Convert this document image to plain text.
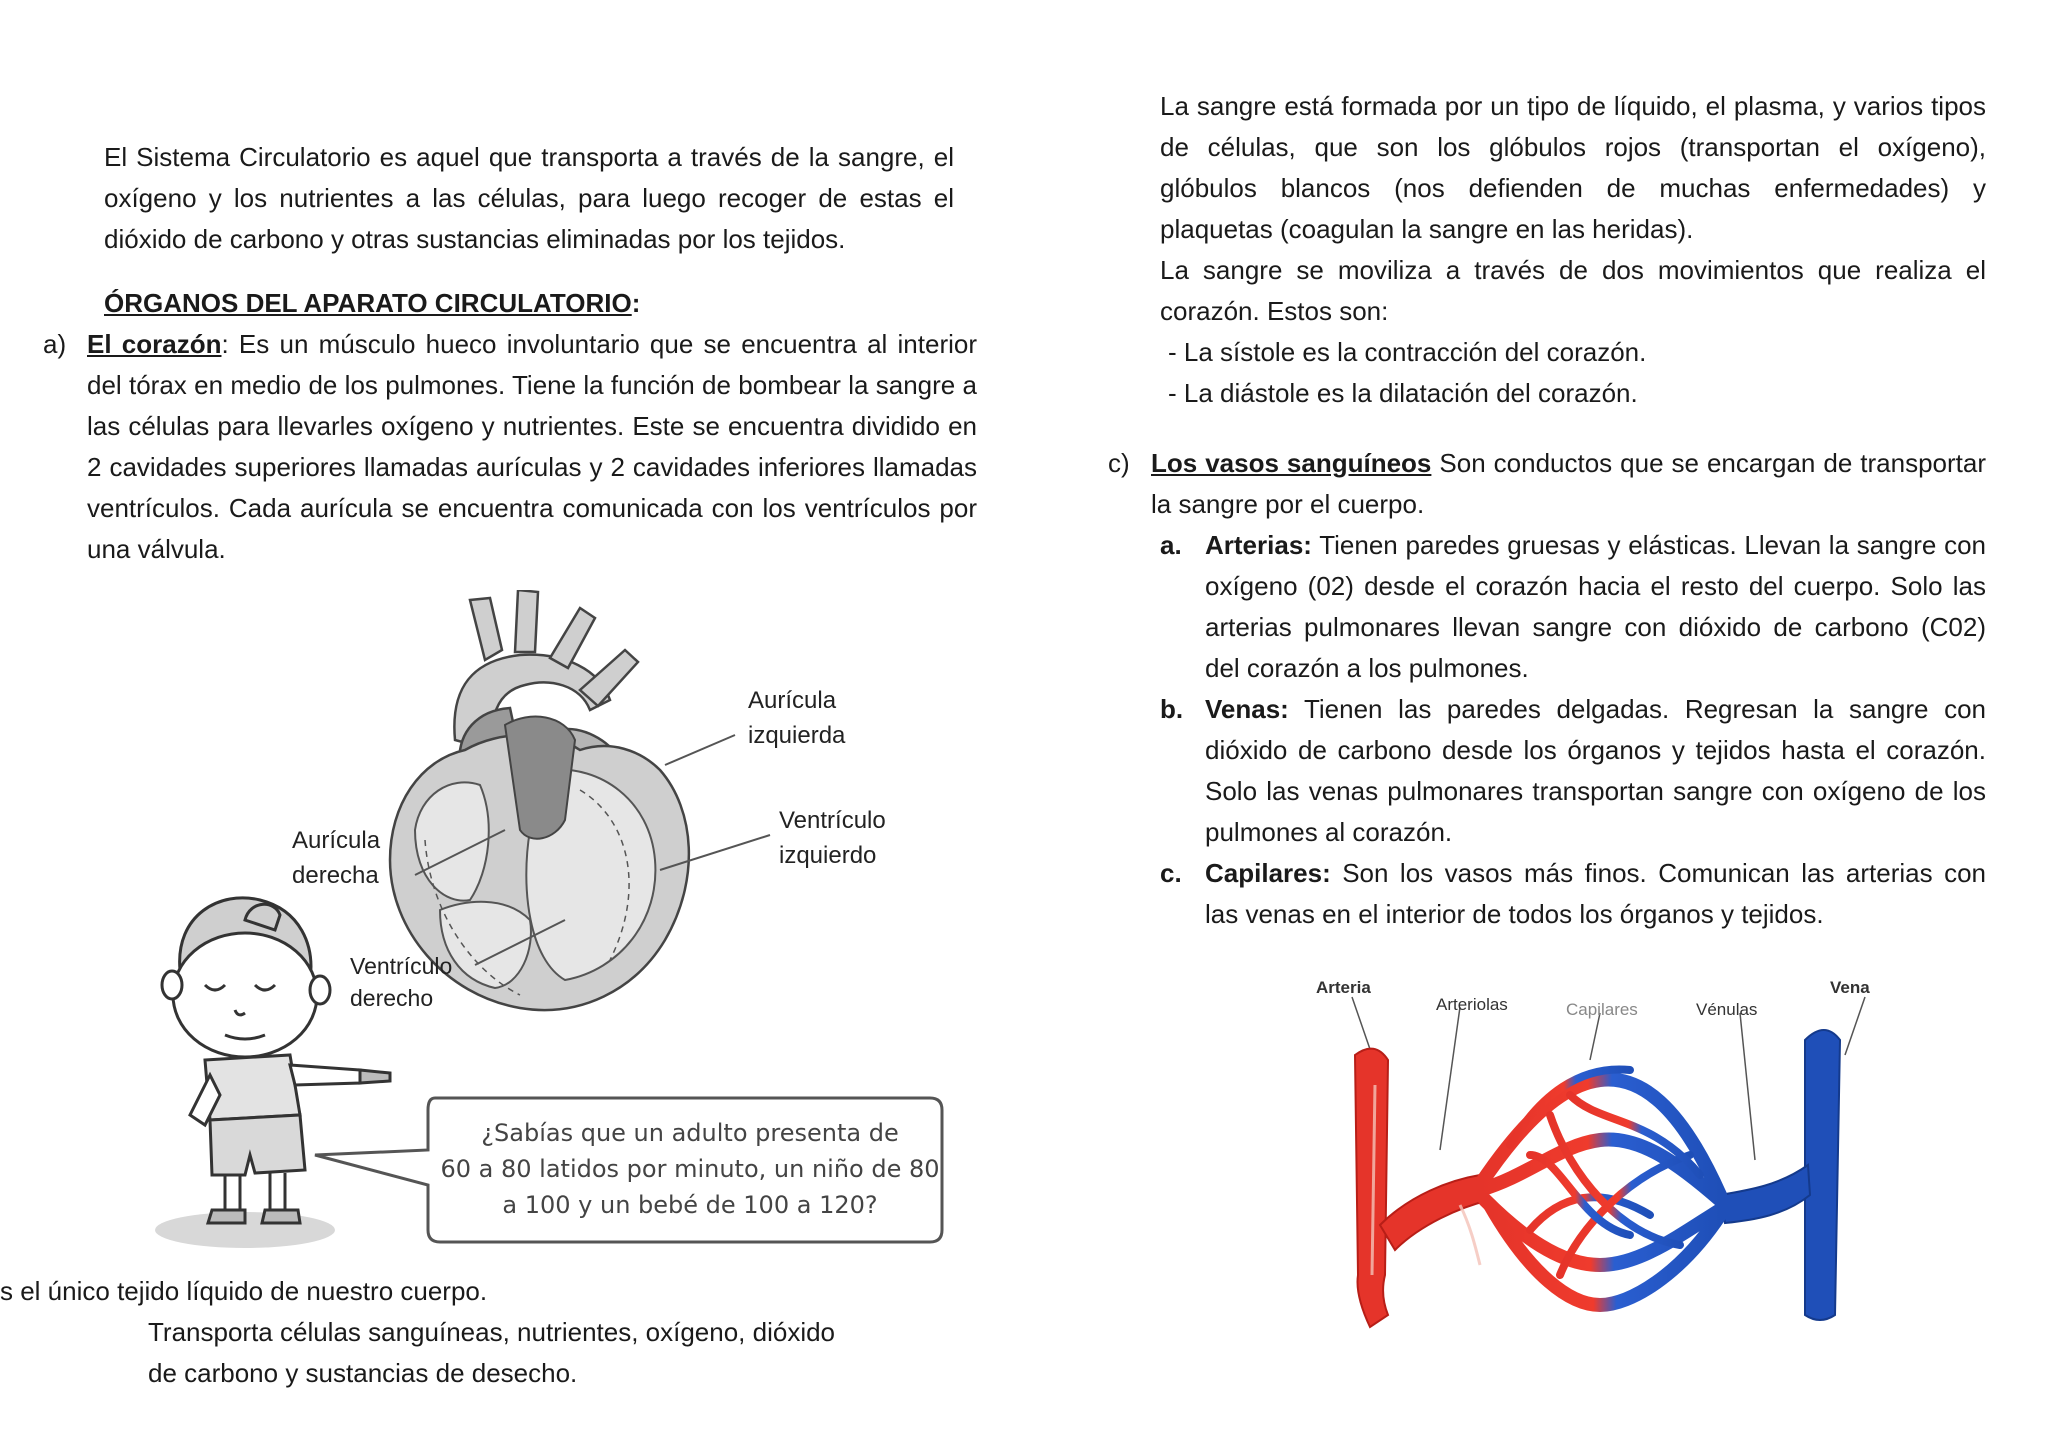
El Sistema Circulatorio es aquel que transporta a través de la sangre, el oxígeno y los nutrientes a las células, para luego recoger de estas el dióxido de carbono y otras sustancias eliminadas por los tejidos.
ÓRGANOS DEL APARATO CIRCULATORIO:
a) El corazón: Es un músculo hueco involuntario que se encuentra al interior del tórax en medio de los pulmones. Tiene la función de bombear la sangre a las células para llevarles oxígeno y nutrientes. Este se encuentra dividido en 2 cavidades superiores llamadas aurículas y 2 cavidades inferiores llamadas ventrículos. Cada aurícula se encuentra comunicada con los ventrículos por una válvula.
Aurícula
izquierda
Ventrículo
izquierdo
Aurícula
derecha
Ventrículo
derecho
¿Sabías que un adulto presenta de
60 a 80 latidos por minuto, un niño de 80
a 100 y un bebé de 100 a 120?
s el único tejido líquido de nuestro cuerpo.
Transporta células sanguíneas, nutrientes, oxígeno, dióxido
de carbono y sustancias de desecho.
La sangre está formada por un tipo de líquido, el plasma, y varios tipos de células, que son los glóbulos rojos (transportan el oxígeno), glóbulos blancos (nos defienden de muchas enfermedades) y plaquetas (coagulan la sangre en las heridas).
La sangre se moviliza a través de dos movimientos que realiza el corazón. Estos son:
- La sístole es la contracción del corazón.
- La diástole es la dilatación del corazón.
c) Los vasos sanguíneos Son conductos que se encargan de transportar la sangre por el cuerpo.
a. Arterias: Tienen paredes gruesas y elásticas. Llevan la sangre con oxígeno (02) desde el corazón hacia el resto del cuerpo. Solo las arterias pulmonares llevan sangre con dióxido de carbono (C02) del corazón a los pulmones.
b. Venas: Tienen las paredes delgadas. Regresan la sangre con dióxido de carbono desde los órganos y tejidos hasta el corazón. Solo las venas pulmonares transportan sangre con oxígeno de los pulmones al corazón.
c. Capilares: Son los vasos más finos. Comunican las arterias con las venas en el interior de todos los órganos y tejidos.
Arteria
Arteriolas	Capilares	Vénulas
Vena
